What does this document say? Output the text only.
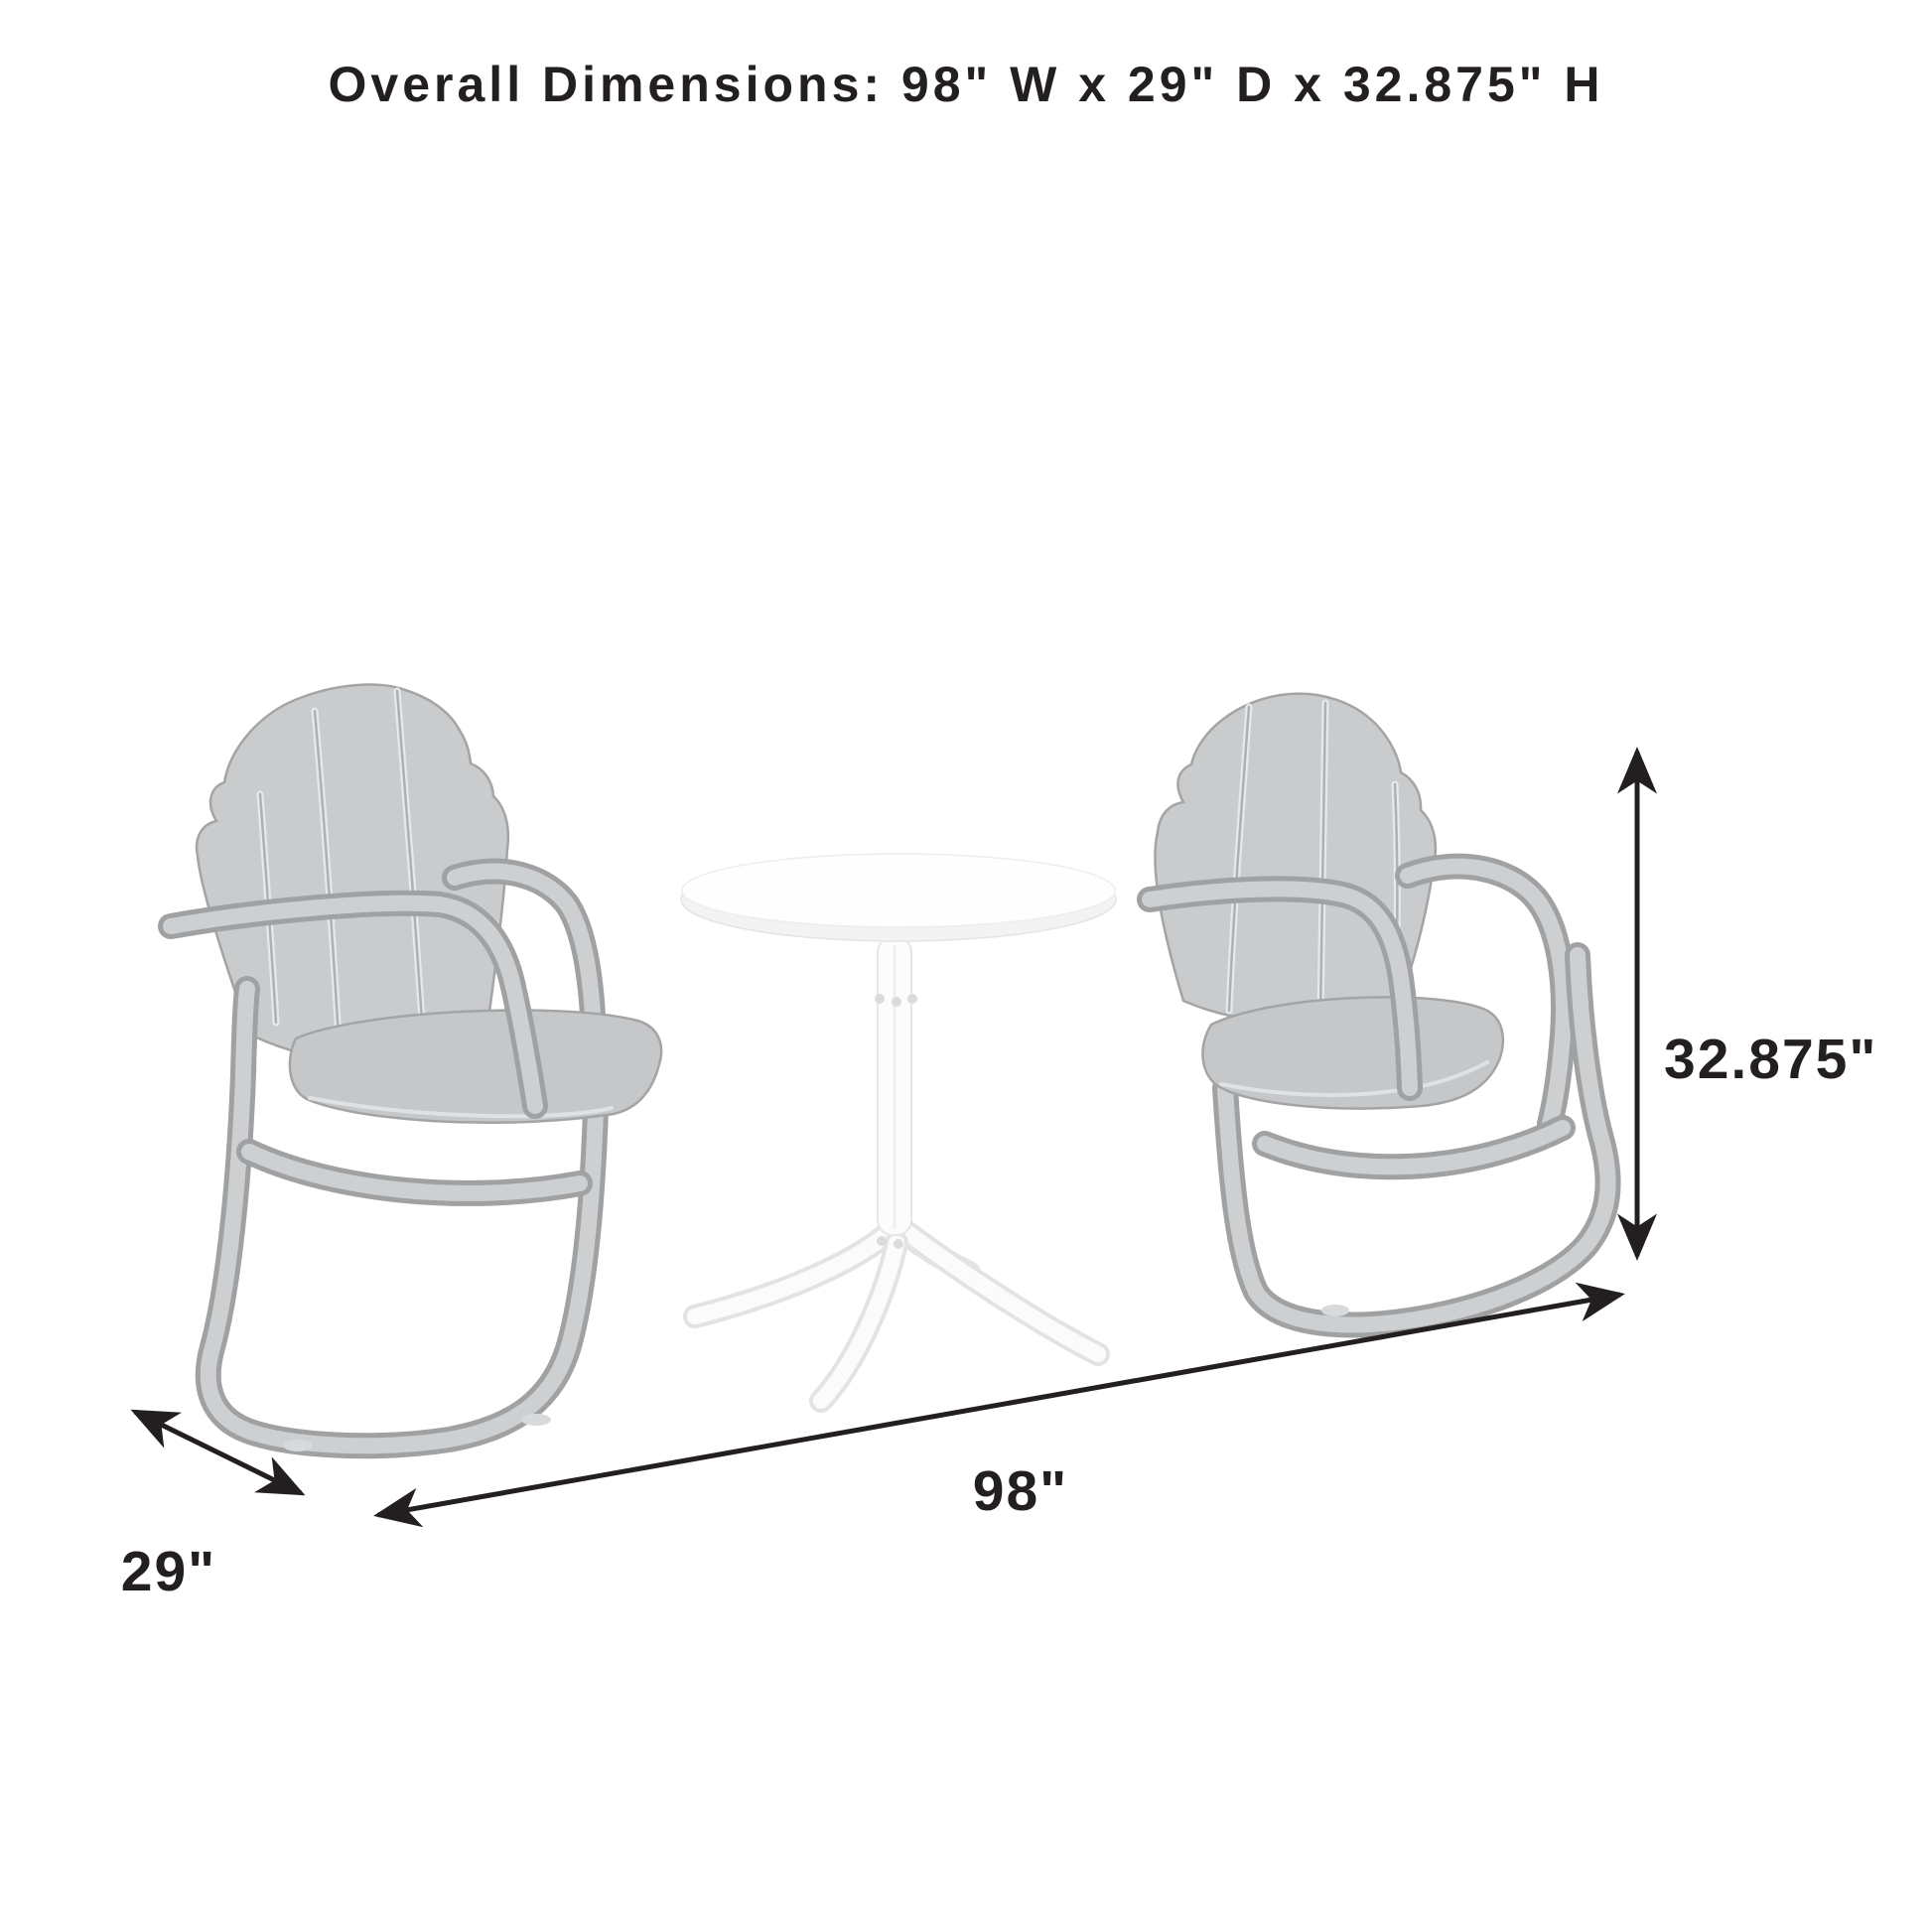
Overall Dimensions: 98" W x 29" D x 32.875" H
32.875"
98"
29"
